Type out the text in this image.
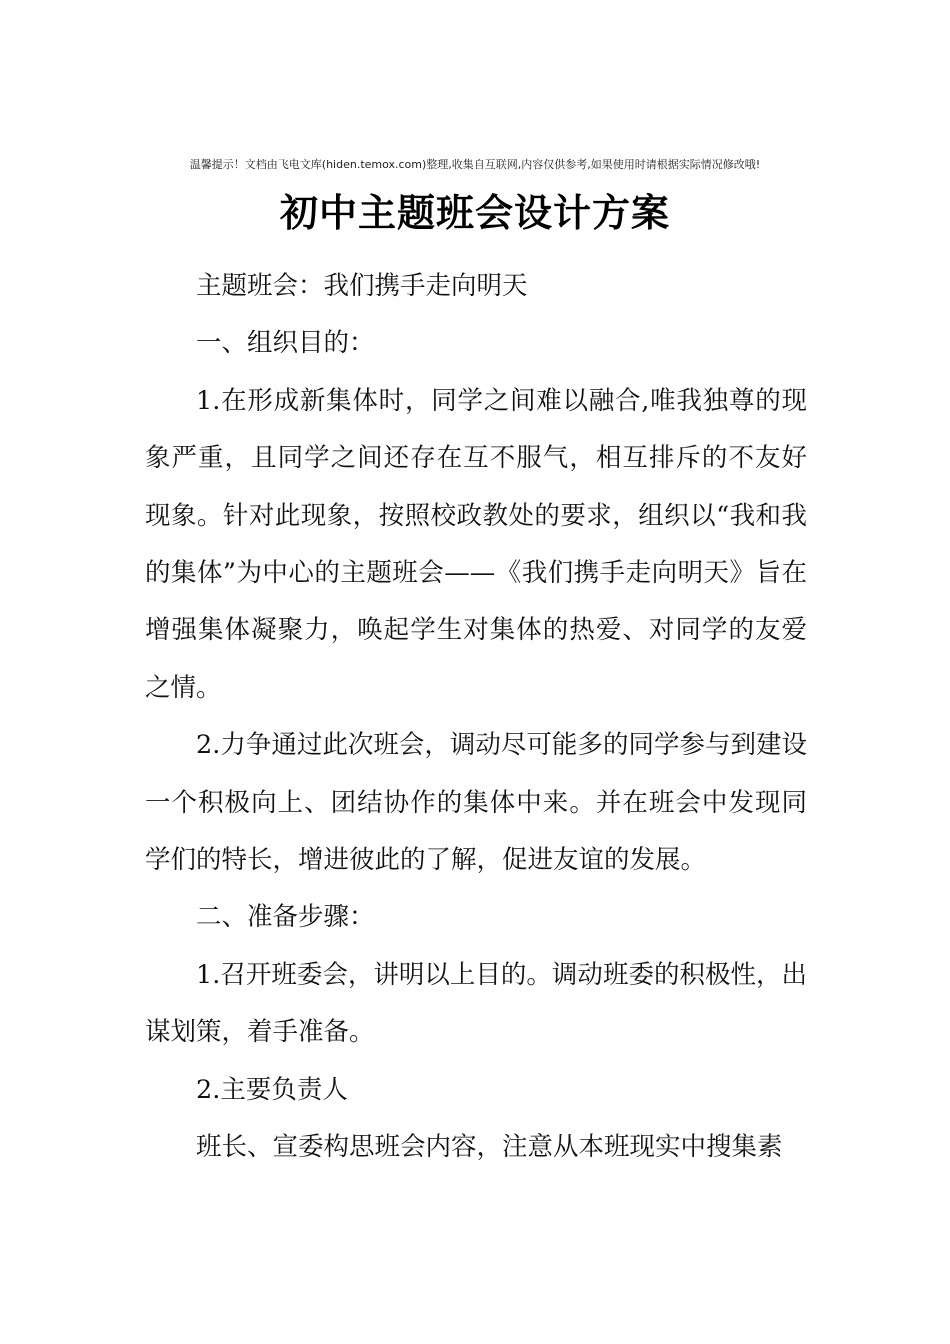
温馨提示！文档由飞电文库(hiden.temox.com)整理,收集自互联网,内容仅供参考,如果使用时请根据实际情况修改哦!
初中主题班会设计方案

主题班会：我们携手走向明天

一、组织目的：

1.在形成新集体时，同学之间难以融合,唯我独尊的现象严重，且同学之间还存在互不服气，相互排斥的不友好现象。针对此现象，按照校政教处的要求，组织以“我和我的集体”为中心的主题班会——《我们携手走向明天》旨在增强集体凝聚力，唤起学生对集体的热爱、对同学的友爱之情。

2.力争通过此次班会，调动尽可能多的同学参与到建设一个积极向上、团结协作的集体中来。并在班会中发现同学们的特长，增进彼此的了解，促进友谊的发展。

二、准备步骤：

1.召开班委会，讲明以上目的。调动班委的积极性，出谋划策，着手准备。

2.主要负责人

班长、宣委构思班会内容，注意从本班现实中搜集素
